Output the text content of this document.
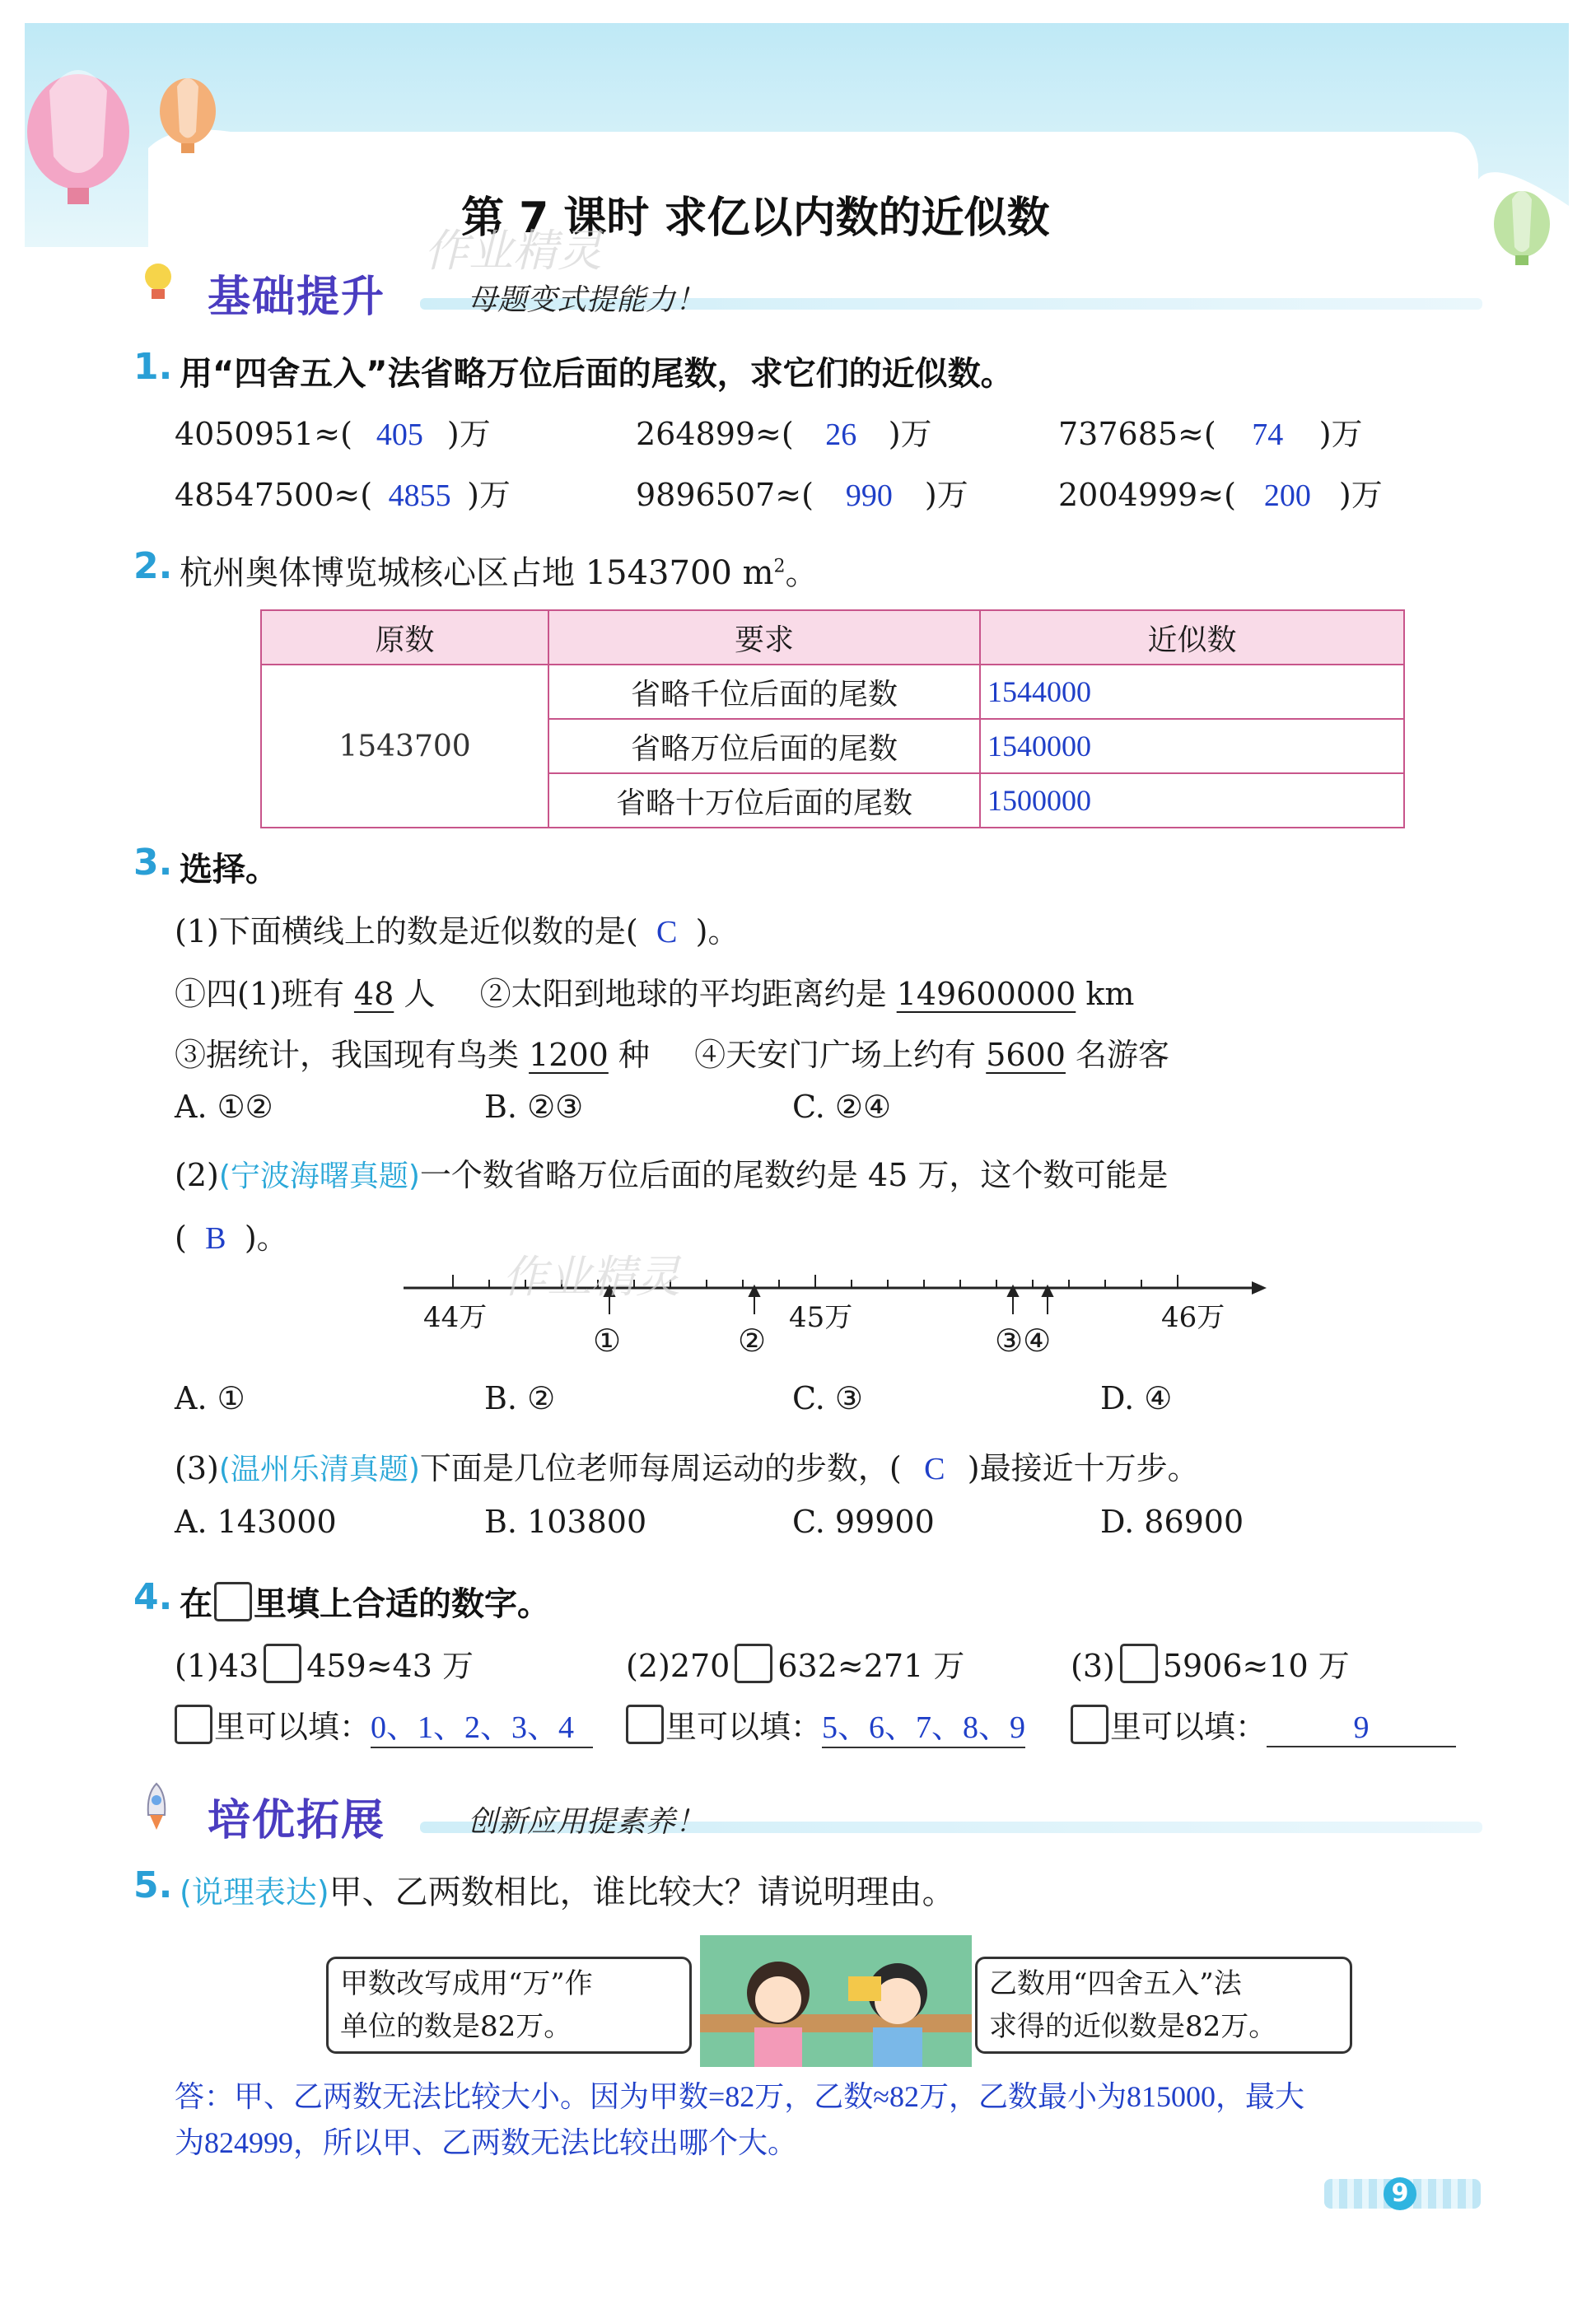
第 7 课时 求亿以内数的近似数
作业精灵
基础提升	母题变式提能力！
1. 用“四舍五入”法省略万位后面的尾数，求它们的近似数。
4050951≈( 405 )万	264899≈( 26 )万	737685≈( 74 )万
48547500≈( 4855 )万	9896507≈( 990 )万	2004999≈( 200 )万
2. 杭州奥体博览城核心区占地 1543700 $m^2$。
原数	要求	近似数
1543700	省略千位后面的尾数	1544000
	省略万位后面的尾数	1540000
	省略十万位后面的尾数	1500000
3. 选择。
(1)下面横线上的数是近似数的是( C )。
①四(1)班有 48 人 ②太阳到地球的平均距离约是 149600000 km
③据统计，我国现有鸟类 1200 种 ④天安门广场上约有 5600 名游客
A. ①②	B. ②③	C. ②④
(2)(宁波海曙真题)一个数省略万位后面的尾数约是 45 万，这个数可能是
( B )。
44万	45万	46万
①	②	③④
作业精灵
A. ①	B. ②	C. ③	D. ④
(3)(温州乐清真题)下面是几位老师每周运动的步数，( C )最接近十万步。
A. 143000	B. 103800	C. 99900	D. 86900
4. 在 里填上合适的数字。
(1)43 459≈43 万	(2)270 632≈271 万	(3) 5906≈10 万
里可以填：0、1、2、3、4	里可以填：5、6、7、8、9	里可以填：	9
培优拓展	创新应用提素养！
5. (说理表达)甲、乙两数相比，谁比较大？请说明理由。
甲数改写成用“万”作
单位的数是82万。
乙数用“四舍五入”法
求得的近似数是82万。
答：甲、乙两数无法比较大小。因为甲数=82万，乙数≈82万，乙数最小为815000，最大
为824999，所以甲、乙两数无法比较出哪个大。
9
